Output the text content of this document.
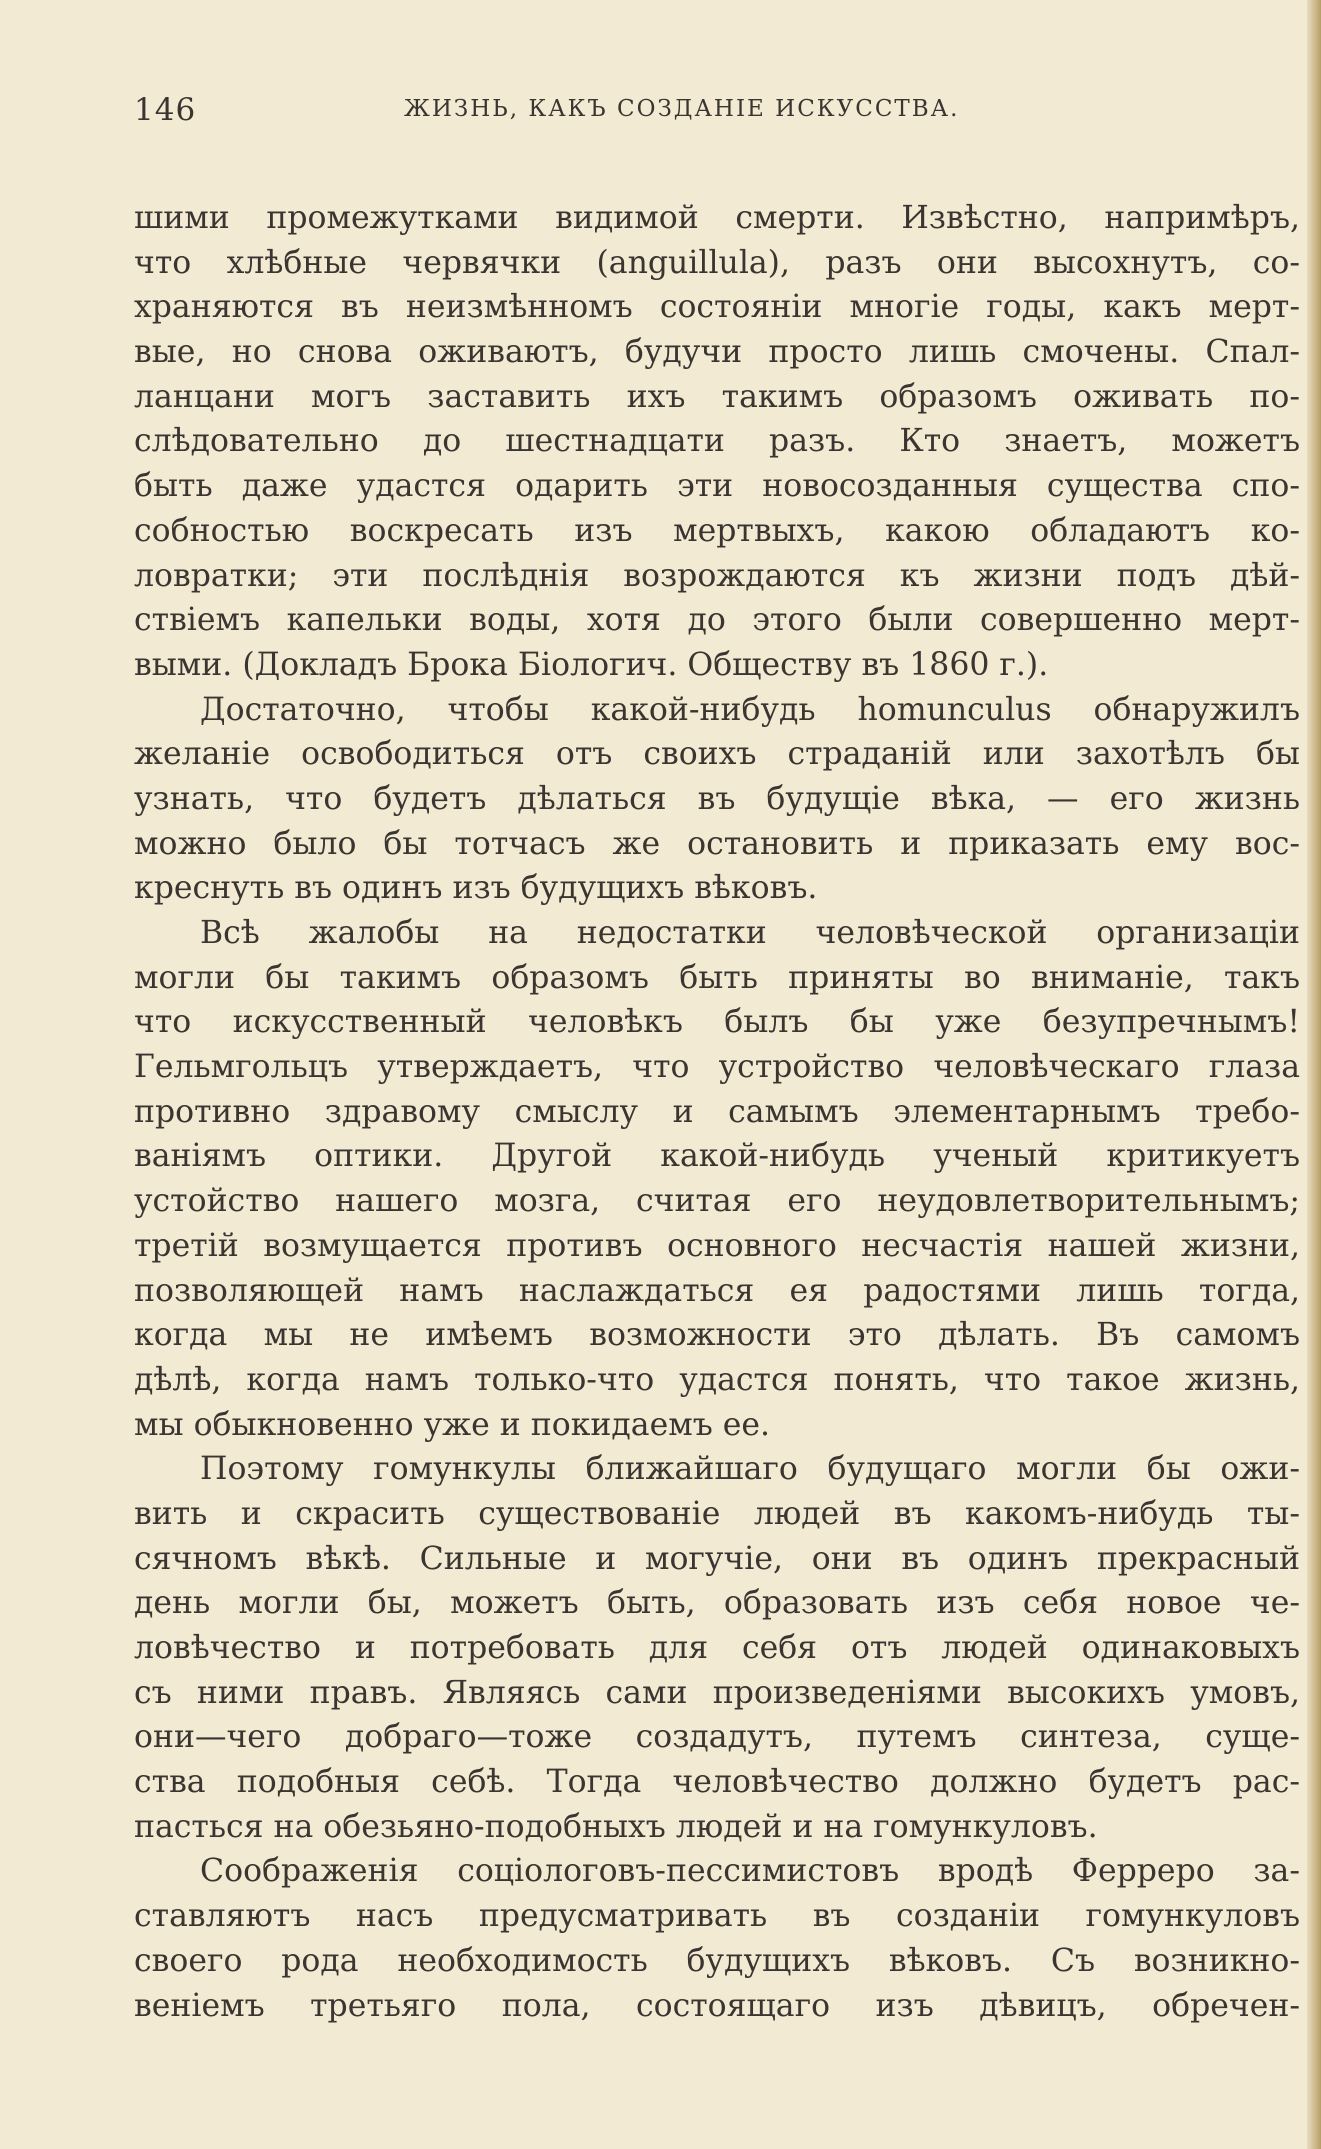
146	ЖИЗНЬ, КАКЪ СОЗДАНІЕ ИСКУССТВА.
шими промежутками видимой смерти. Извѣстно, напримѣръ,
что хлѣбные червячки (anguillula), разъ они высохнутъ, со-
храняются въ неизмѣнномъ состояніи многіе годы, какъ мерт-
вые, но снова оживаютъ, будучи просто лишь смочены. Спал-
ланцани могъ заставить ихъ такимъ образомъ оживать по-
слѣдовательно до шестнадцати разъ. Кто знаетъ, можетъ
быть даже удастся одарить эти новосозданныя существа спо-
собностью воскресать изъ мертвыхъ, какою обладаютъ ко-
ловратки; эти послѣднія возрождаются къ жизни подъ дѣй-
ствіемъ капельки воды, хотя до этого были совершенно мерт-
выми. (Докладъ Брока Біологич. Обществу въ 1860 г.).
Достаточно, чтобы какой-нибудь homunculus обнаружилъ
желаніе освободиться отъ своихъ страданій или захотѣлъ бы
узнать, что будетъ дѣлаться въ будущіе вѣка, — его жизнь
можно было бы тотчасъ же остановить и приказать ему вос-
креснуть въ одинъ изъ будущихъ вѣковъ.
Всѣ жалобы на недостатки человѣческой организаціи
могли бы такимъ образомъ быть приняты во вниманіе, такъ
что искусственный человѣкъ былъ бы уже безупречнымъ!
Гельмгольцъ утверждаетъ, что устройство человѣческаго глаза
противно здравому смыслу и самымъ элементарнымъ требо-
ваніямъ оптики. Другой какой-нибудь ученый критикуетъ
устойство нашего мозга, считая его неудовлетворительнымъ;
третій возмущается противъ основного несчастія нашей жизни,
позволяющей намъ наслаждаться ея радостями лишь тогда,
когда мы не имѣемъ возможности это дѣлать. Въ самомъ
дѣлѣ, когда намъ только-что удастся понять, что такое жизнь,
мы обыкновенно уже и покидаемъ ее.
Поэтому гомункулы ближайшаго будущаго могли бы ожи-
вить и скрасить существованіе людей въ какомъ-нибудь ты-
сячномъ вѣкѣ. Сильные и могучіе, они въ одинъ прекрасный
день могли бы, можетъ быть, образовать изъ себя новое че-
ловѣчество и потребовать для себя отъ людей одинаковыхъ
съ ними правъ. Являясь сами произведеніями высокихъ умовъ,
они—чего добраго—тоже создадутъ, путемъ синтеза, суще-
ства подобныя себѣ. Тогда человѣчество должно будетъ рас-
пасться на обезьяно-подобныхъ людей и на гомункуловъ.
Соображенія соціологовъ-пессимистовъ вродѣ Ферреро за-
ставляютъ насъ предусматривать въ созданіи гомункуловъ
своего рода необходимость будущихъ вѣковъ. Съ возникно-
веніемъ третьяго пола, состоящаго изъ дѣвицъ, обречен-
